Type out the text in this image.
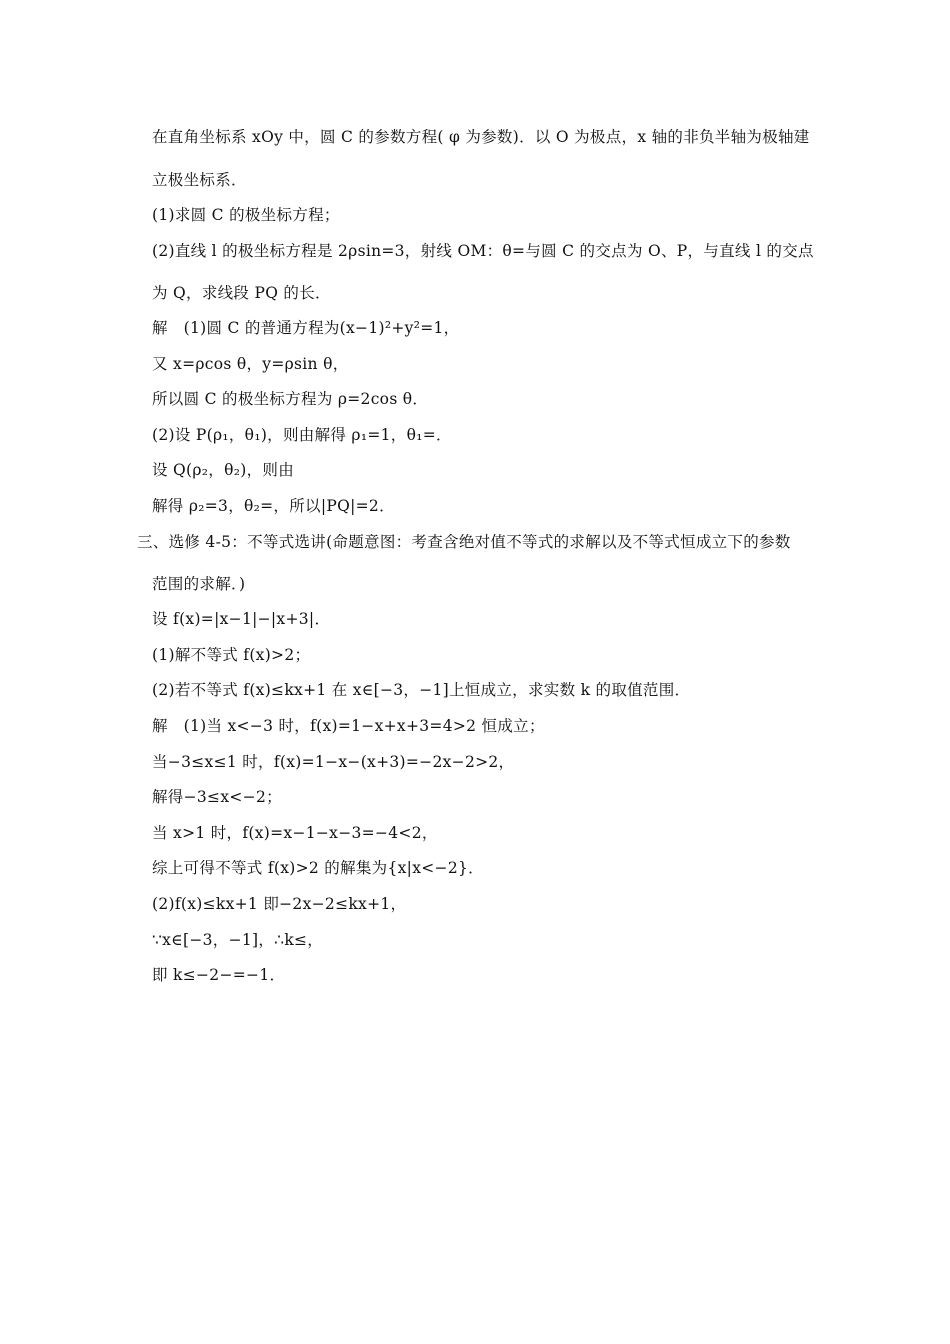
在直角坐标系 xOy 中，圆 C 的参数方程( φ 为参数)．以 O 为极点，x 轴的非负半轴为极轴建
立极坐标系．
(1)求圆 C 的极坐标方程；
(2)直线 l 的极坐标方程是 2ρsin=3，射线 OM：θ=与圆 C 的交点为 O、P，与直线 l 的交点
为 Q，求线段 PQ 的长．
解　(1)圆 C 的普通方程为(x−1)²+y²=1，
又 x=ρcos θ，y=ρsin θ，
所以圆 C 的极坐标方程为 ρ=2cos θ．
(2)设 P(ρ₁，θ₁)，则由解得 ρ₁=1，θ₁=．
设 Q(ρ₂，θ₂)，则由
解得 ρ₂=3，θ₂=，所以|PQ|=2．
三、选修 4-5：不等式选讲(命题意图：考查含绝对值不等式的求解以及不等式恒成立下的参数
范围的求解．)
设 f(x)=|x−1|−|x+3|．
(1)解不等式 f(x)>2；
(2)若不等式 f(x)≤kx+1 在 x∈[−3，−1]上恒成立，求实数 k 的取值范围．
解　(1)当 x<−3 时，f(x)=1−x+x+3=4>2 恒成立；
当−3≤x≤1 时，f(x)=1−x−(x+3)=−2x−2>2，
解得−3≤x<−2；
当 x>1 时，f(x)=x−1−x−3=−4<2，
综上可得不等式 f(x)>2 的解集为{x|x<−2}．
(2)f(x)≤kx+1 即−2x−2≤kx+1，
∵x∈[−3，−1]，∴k≤，
即 k≤−2−=−1．
